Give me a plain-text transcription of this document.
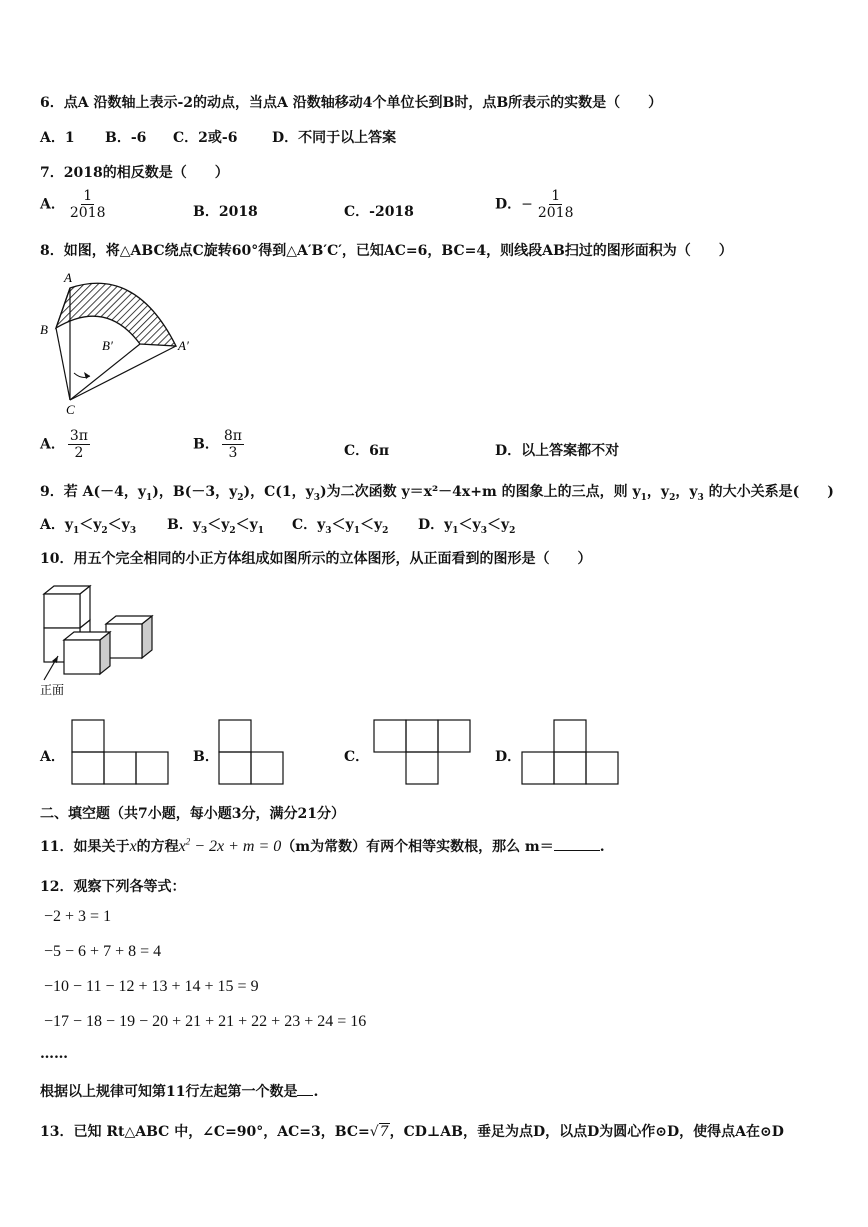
6．点A 沿数轴上表示-2的动点，当点A 沿数轴移动4个单位长到B时，点B所表示的实数是（　　）
A．1 B．-6 C．2或-6 D．不同于以上答案
7．2018的相反数是（　　）
A． $\frac{1}{2018}$	B．2018	C．-2018	D．− $\frac{1}{2018}$
8．如图，将△ABC绕点C旋转60°得到△A′B′C′，已知AC=6，BC=4，则线段AB扫过的图形面积为（　　）
A
B
B′	A′
C
A． $\frac{3\pi}{2}$	B． $\frac{8\pi}{3}$	C．6π	D．以上答案都不对
9．若 A(－4，$y_1$)，B(－3，$y_2$)，C(1，$y_3$)为二次函数 y＝x²－4x+m 的图象上的三点，则 $y_1$，$y_2$，$y_3$ 的大小关系是(　　)
A．$y_1<y_2<y_3$ B．$y_3<y_2<y_1$ C．$y_3<y_1<y_2$ D．$y_1<y_3<y_2$
10．用五个完全相同的小正方体组成如图所示的立体图形，从正面看到的图形是（　　）
正面
A．	B．	C．	D．
二、填空题（共7小题，每小题3分，满分21分）
11．如果关于x的方程$x^2 - 2x + m = 0(m$为常数）有两个相等实数根，那么 m＝	.
12．观察下列各等式：
−2 + 3 = 1
−5 − 6 + 7 + 8 = 4
−10 − 11 − 12 + 13 + 14 + 15 = 9
−17 − 18 − 19 − 20 + 21 + 21 + 22 + 23 + 24 = 16
……
根据以上规律可知第11行左起第一个数是 .
13．已知 Rt△ABC 中，∠C=90°，AC=3，BC=√7，CD⊥AB，垂足为点D，以点D为圆心作⊙D，使得点A在⊙D
